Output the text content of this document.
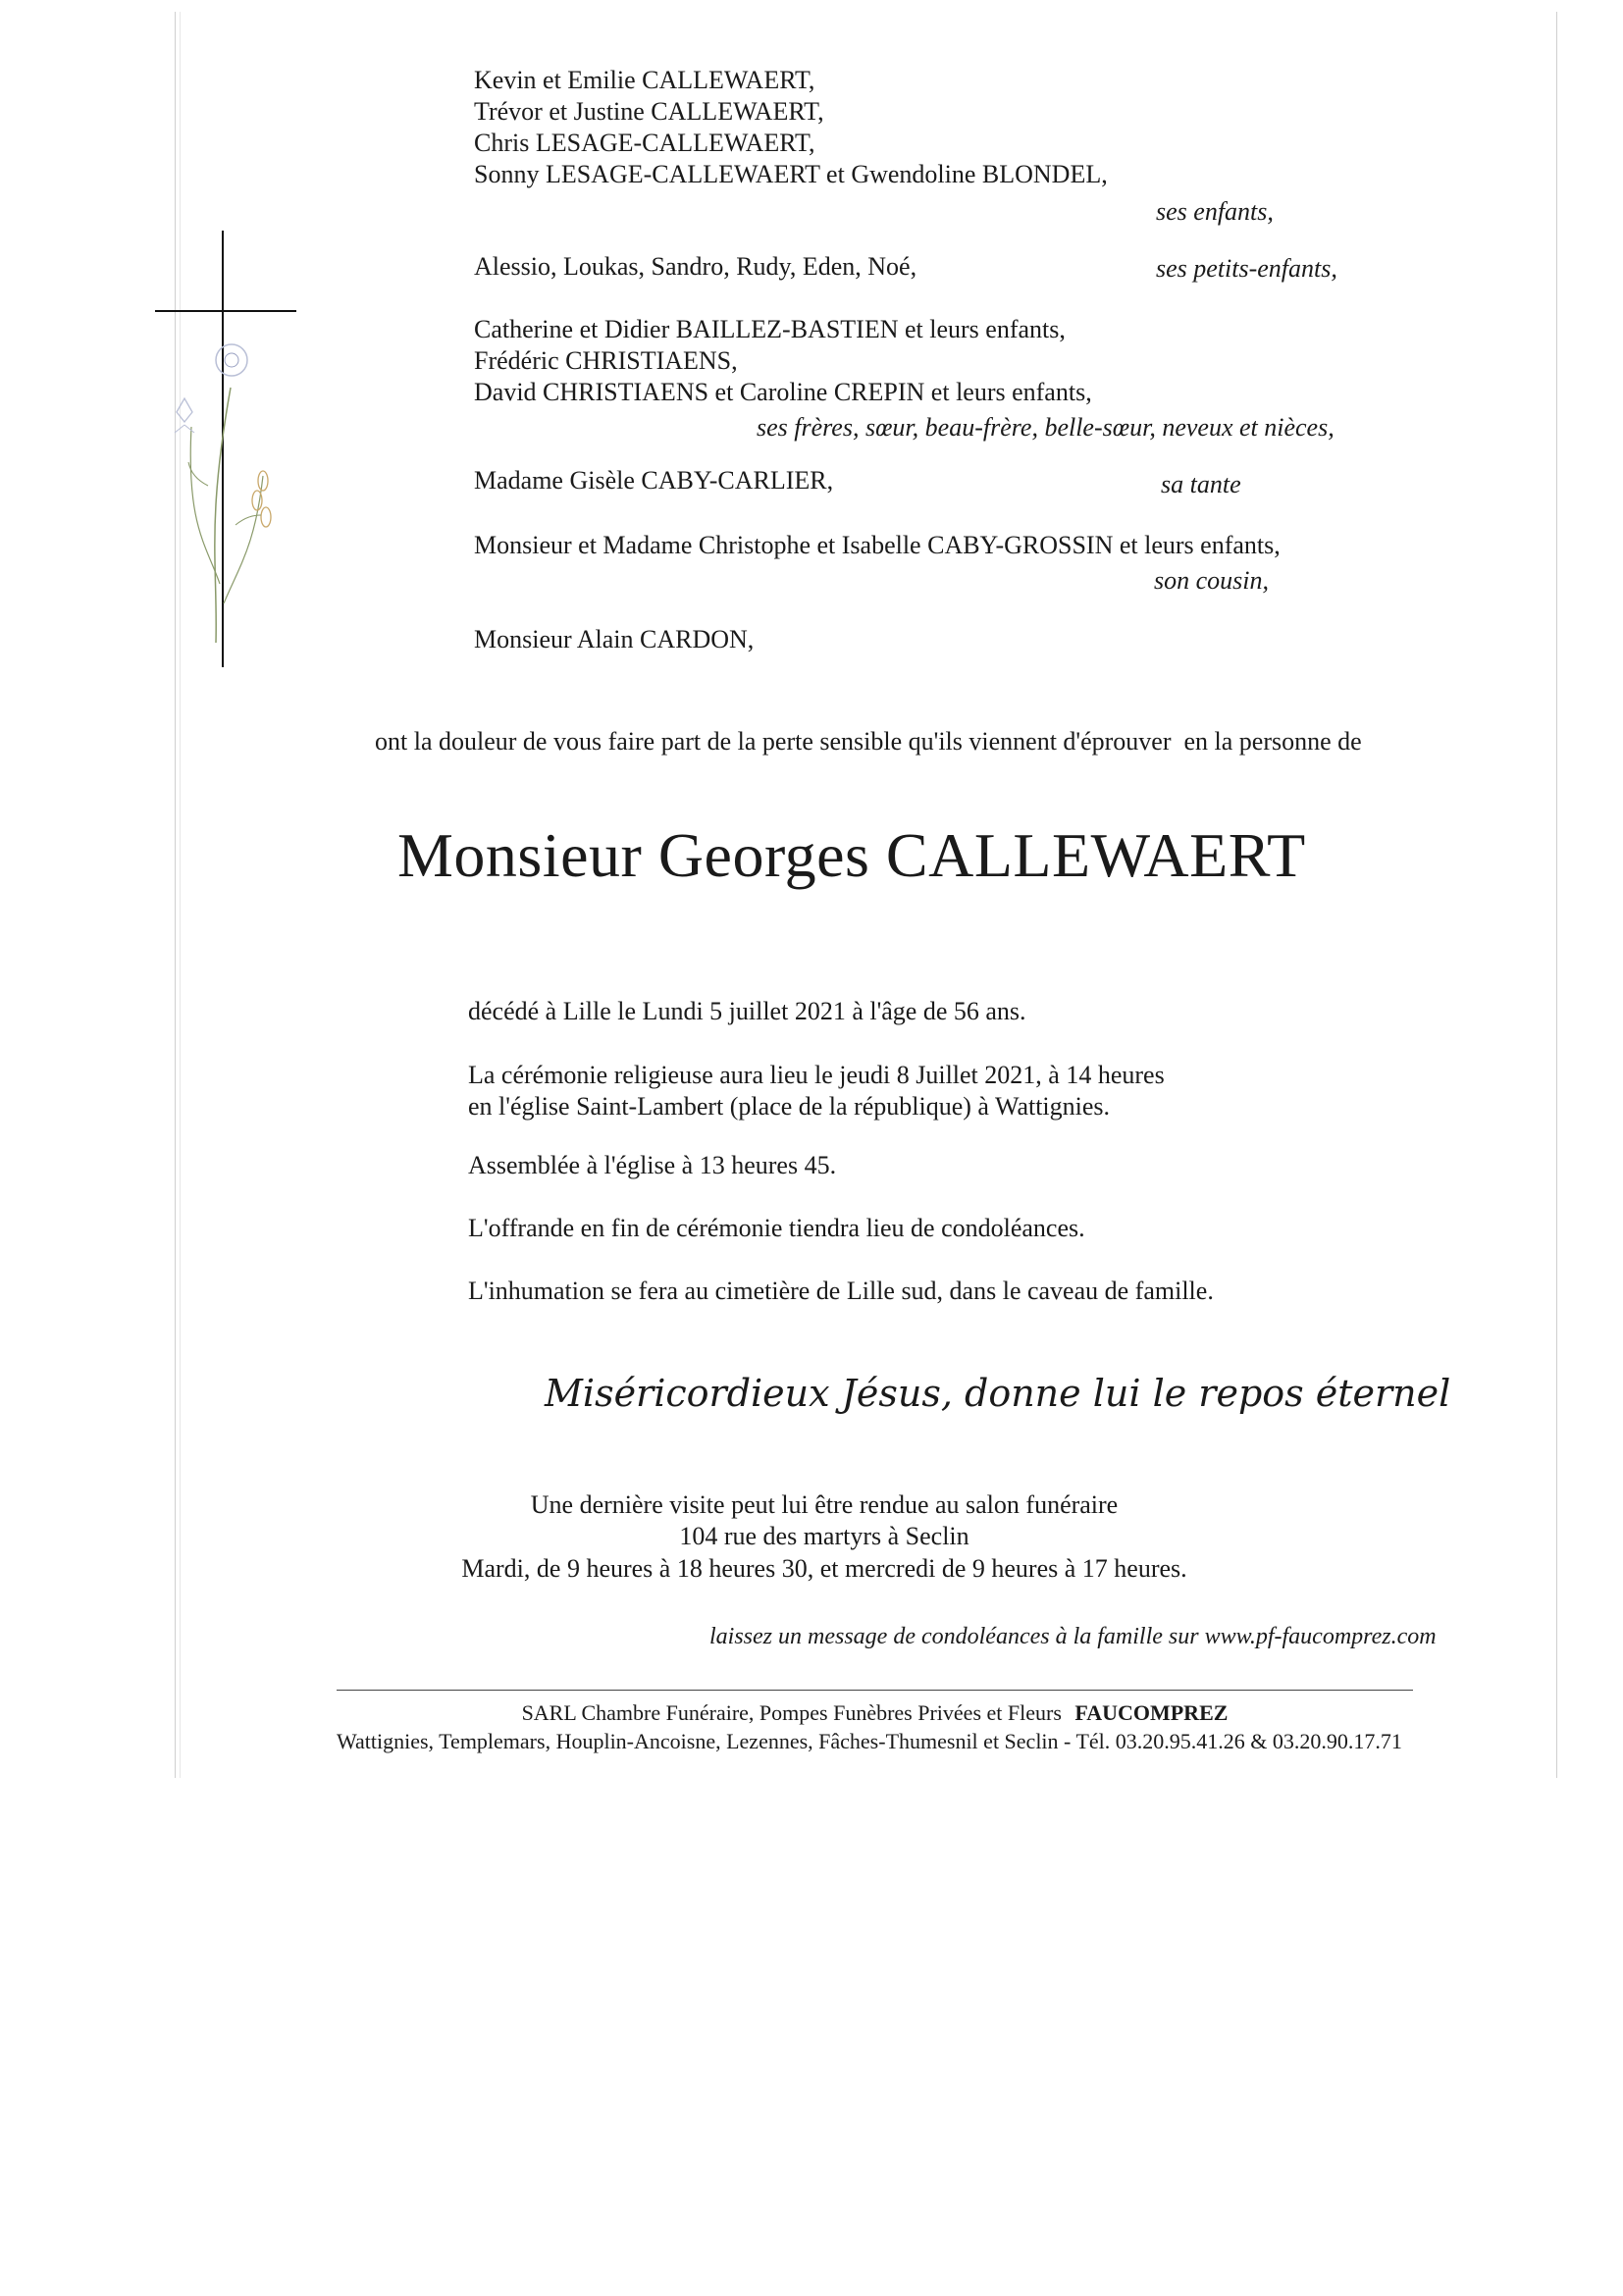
Kevin et Emilie CALLEWAERT,
Trévor et Justine CALLEWAERT,
Chris LESAGE-CALLEWAERT,
Sonny LESAGE-CALLEWAERT et Gwendoline BLONDEL,
ses enfants,
Alessio, Loukas, Sandro, Rudy, Eden, Noé,	ses petits-enfants,
Catherine et Didier BAILLEZ-BASTIEN et leurs enfants,
Frédéric CHRISTIAENS,
David CHRISTIAENS et Caroline CREPIN et leurs enfants,
ses frères, sœur, beau-frère, belle-sœur, neveux et nièces,
Madame Gisèle CABY-CARLIER,	sa tante
Monsieur et Madame Christophe et Isabelle CABY-GROSSIN et leurs enfants,
son cousin,
Monsieur Alain CARDON,
ont la douleur de vous faire part de la perte sensible qu'ils viennent d'éprouver  en la personne de
Monsieur Georges CALLEWAERT
décédé à Lille le Lundi 5 juillet 2021 à l'âge de 56 ans.
La cérémonie religieuse aura lieu le jeudi 8 Juillet 2021, à 14 heures
en l'église Saint-Lambert (place de la république) à Wattignies.
Assemblée à l'église à 13 heures 45.
L'offrande en fin de cérémonie tiendra lieu de condoléances.
L'inhumation se fera au cimetière de Lille sud, dans le caveau de famille.
Miséricordieux Jésus, donne lui le repos éternel
Une dernière visite peut lui être rendue au salon funéraire
104 rue des martyrs à Seclin
Mardi, de 9 heures à 18 heures 30, et mercredi de 9 heures à 17 heures.
laissez un message de condoléances à la famille sur www.pf-faucomprez.com
SARL Chambre Funéraire, Pompes Funèbres Privées et Fleurs FAUCOMPREZ
Wattignies, Templemars, Houplin-Ancoisne, Lezennes, Fâches-Thumesnil et Seclin - Tél. 03.20.95.41.26 & 03.20.90.17.71
